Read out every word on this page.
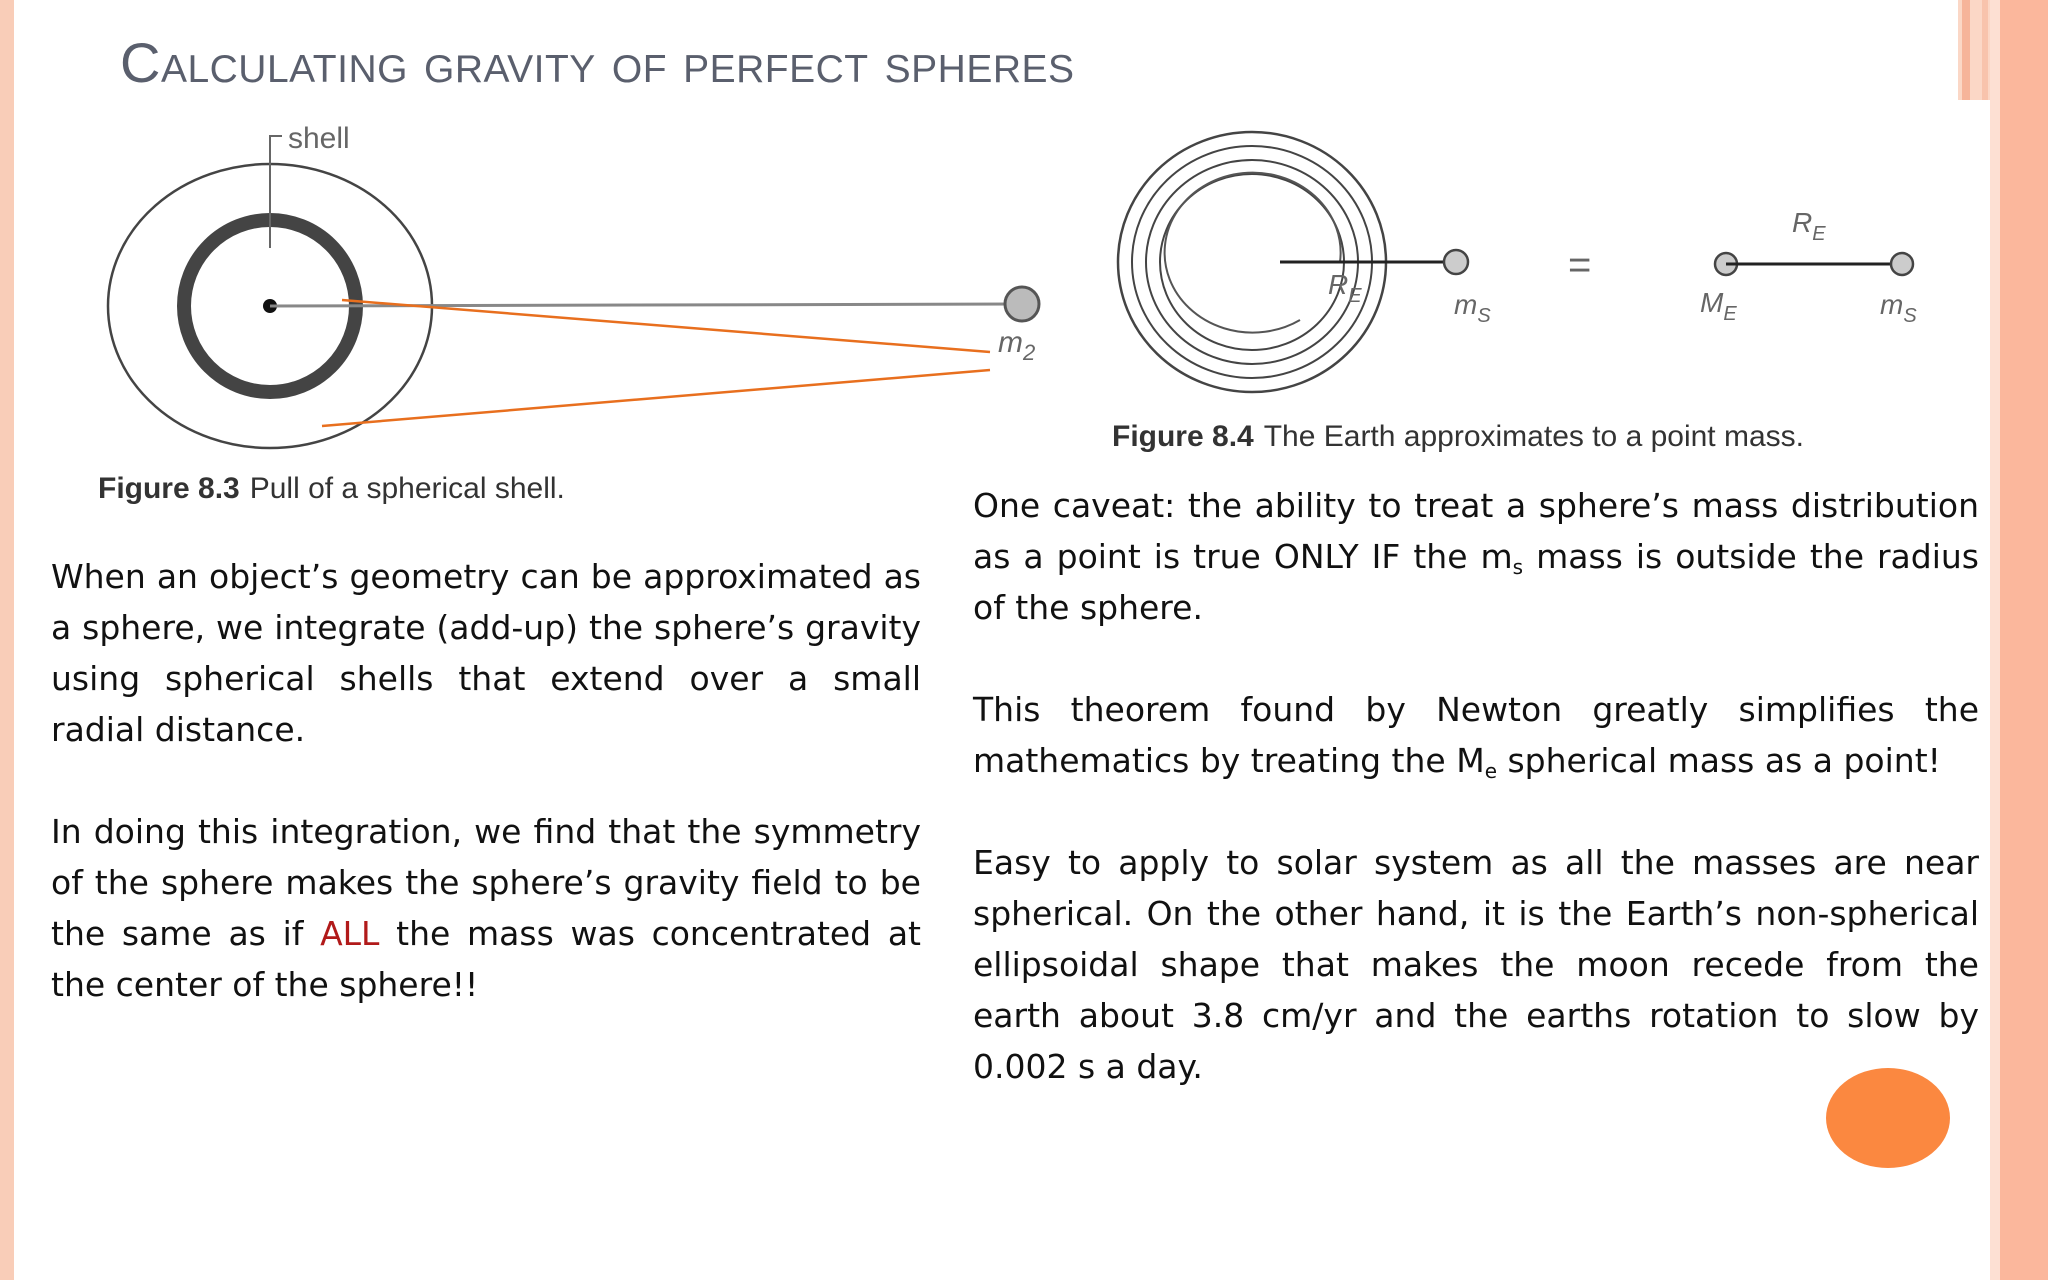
Calculating gravity of perfect spheres
shell
$m_2$
Figure 8.3 Pull of a spherical shell.
$R_E$	$m_S$
=
$R_E$
$M_E$	$m_S$
Figure 8.4 The Earth approximates to a point mass.

When an object’s geometry can be approximated as a sphere, we integrate (add-up) the sphere’s gravity using spherical shells that extend over a small radial distance.

In doing this integration, we find that the symmetry of the sphere makes the sphere’s gravity field to be the same as if ALL the mass was concentrated at the center of the sphere!!

One caveat: the ability to treat a sphere’s mass distribution as a point is true ONLY IF the $m_s$ mass is outside the radius of the sphere.

This theorem found by Newton greatly simplifies the mathematics by treating the $M_e$ spherical mass as a point!

Easy to apply to solar system as all the masses are near spherical. On the other hand, it is the Earth’s non-spherical ellipsoidal shape that makes the moon recede from the earth about 3.8 cm/yr and the earths rotation to slow by 0.002 s a day.
